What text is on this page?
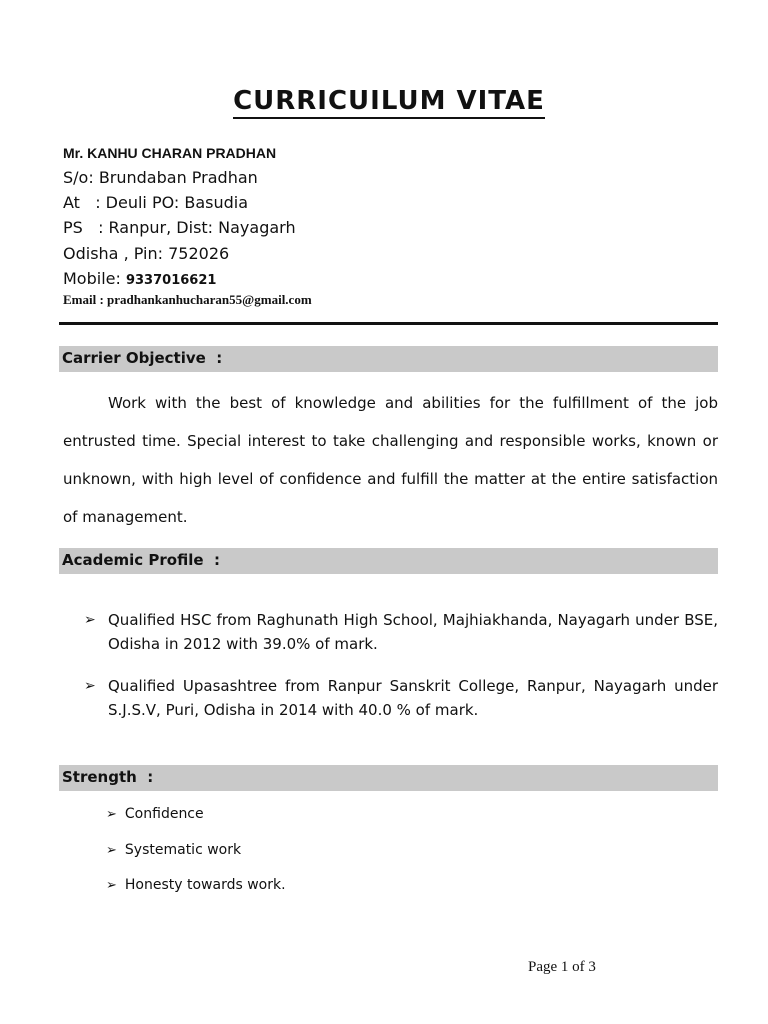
CURRICUILUM VITAE
Mr. KANHU CHARAN PRADHAN
S/o: Brundaban Pradhan
At   : Deuli PO: Basudia
PS   : Ranpur, Dist: Nayagarh
Odisha , Pin: 752026
Mobile: 9337016621
Email : pradhankanhucharan55@gmail.com
Carrier Objective  :
Work with the best of knowledge and abilities for the fulfillment of the job entrusted time. Special interest to take challenging and responsible works, known or unknown, with high level of confidence and fulfill the matter at the entire satisfaction of management.
Academic Profile  :
➢ Qualified HSC from Raghunath High School, Majhiakhanda, Nayagarh under BSE, Odisha in 2012 with 39.0% of mark.
➢ Qualified Upasashtree from Ranpur Sanskrit College, Ranpur, Nayagarh under S.J.S.V, Puri, Odisha in 2014 with 40.0 % of mark.
Strength  :
➢ Confidence
➢ Systematic work
➢ Honesty towards work.
Page 1 of 3
